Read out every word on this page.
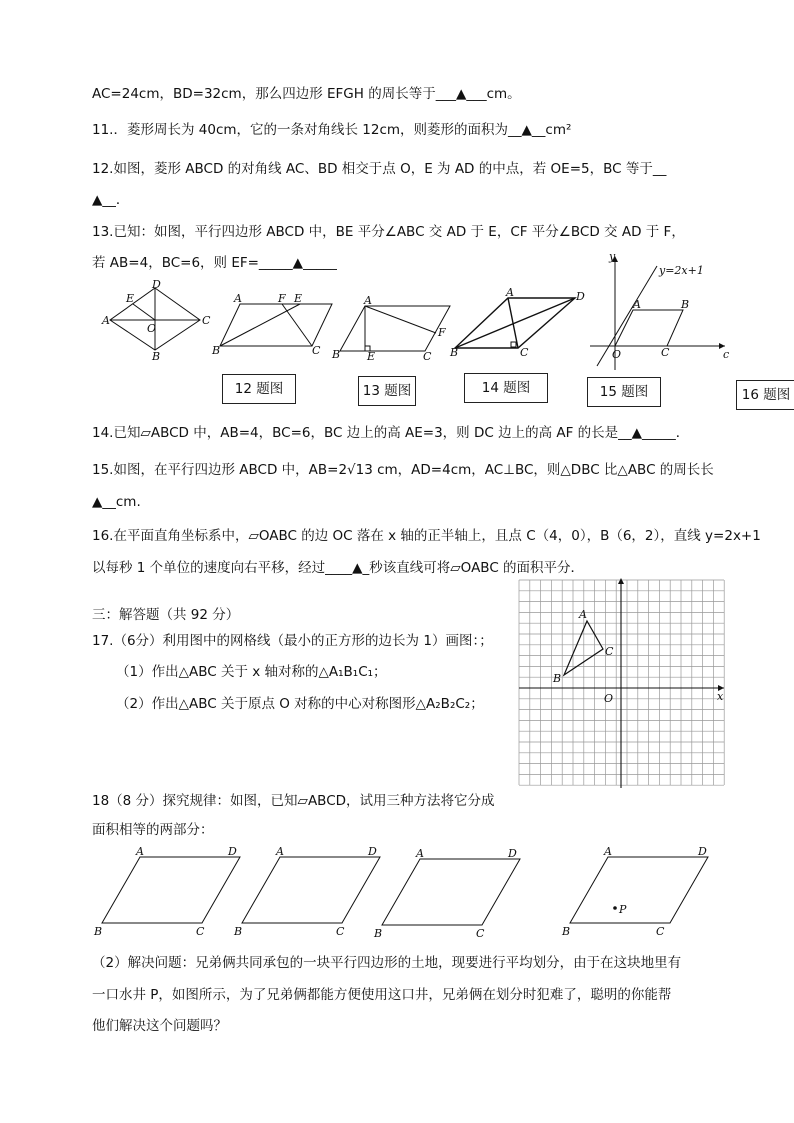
AC=24cm，BD=32cm，那么四边形 EFGH 的周长等于___▲___cm。
11.．菱形周长为 40cm，它的一条对角线长 12cm，则菱形的面积为__▲__cm²
12.如图，菱形 ABCD 的对角线 AC、BD 相交于点 O，E 为 AD 的中点，若 OE=5，BC 等于__
▲__．
13.已知：如图，平行四边形 ABCD 中，BE 平分∠ABC 交 AD 于 E，CF 平分∠BCD 交 AD 于 F，
若 AB=4，BC=6，则 EF=_____▲_____
D
A	C
B
E
O
A	F E
B	C
A
B E	C
F
A	D
B	C
y
c
O
A	B
C
y=2x+1
12 题图	13 题图	14 题图	15 题图	16 题图
14.已知▱ABCD 中，AB=4，BC=6，BC 边上的高 AE=3，则 DC 边上的高 AF 的长是__▲_____．
15.如图，在平行四边形 ABCD 中，AB=2√13 cm，AD=4cm，AC⊥BC，则△DBC 比△ABC 的周长长
▲__cm.
16.在平面直角坐标系中，▱OABC 的边 OC 落在 x 轴的正半轴上，且点 C（4，0），B（6，2），直线 y=2x+1
以每秒 1 个单位的速度向右平移，经过____▲_秒该直线可将▱OABC 的面积平分．
三：解答题（共 92 分）
17.（6分）利用图中的网格线（最小的正方形的边长为 1）画图：；
（1）作出△ABC 关于 x 轴对称的△A₁B₁C₁；
（2）作出△ABC 关于原点 O 对称的中心对称图形△A₂B₂C₂；
A
C
B
O	x
18（8 分）探究规律：如图，已知▱ABCD，试用三种方法将它分成
面积相等的两部分：
A	D
B	C
A	D
B	C
A	D
B	C
A	D
B	C
P
（2）解决问题：兄弟俩共同承包的一块平行四边形的土地，现要进行平均划分，由于在这块地里有
一口水井 P，如图所示，为了兄弟俩都能方便使用这口井，兄弟俩在划分时犯难了，聪明的你能帮
他们解决这个问题吗？
